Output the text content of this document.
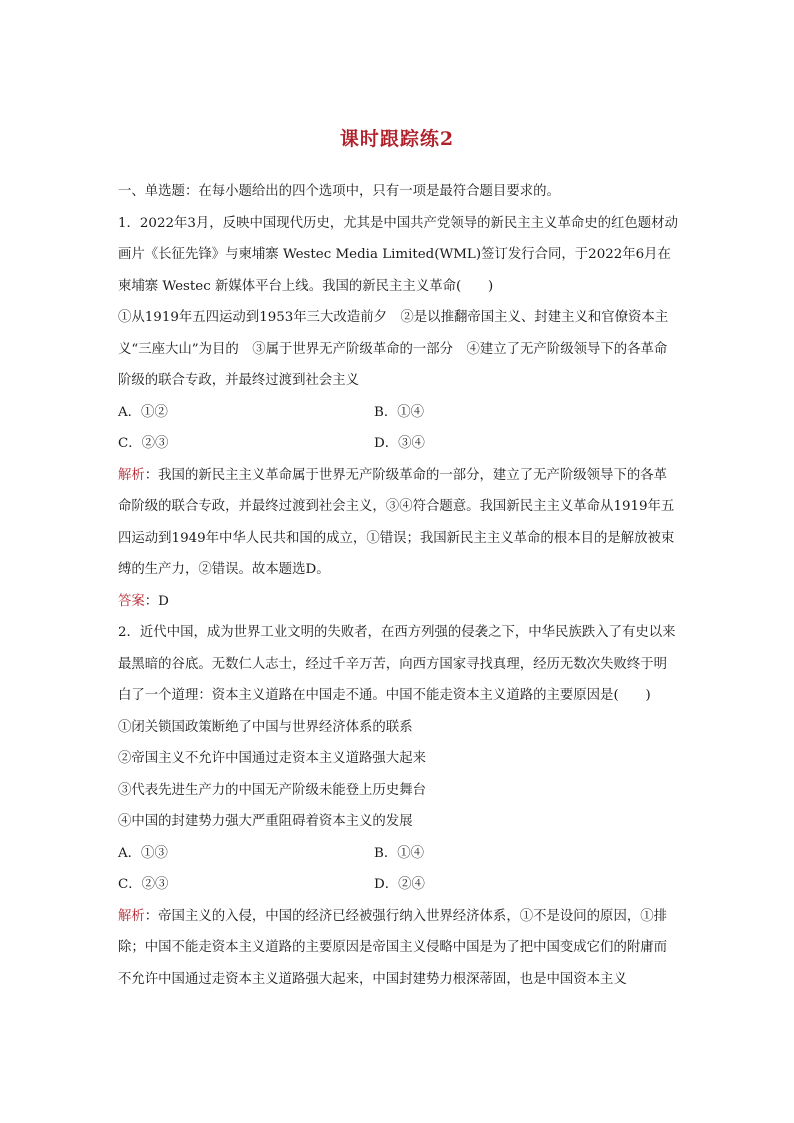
课时跟踪练2

一、单选题：在每小题给出的四个选项中，只有一项是最符合题目要求的。

1．2022年3月，反映中国现代历史，尤其是中国共产党领导的新民主主义革命史的红色题材动画片《长征先锋》与柬埔寨 Westec Media Limited(WML)签订发行合同，于2022年6月在柬埔寨 Westec 新媒体平台上线。我国的新民主主义革命(　　)

①从1919年五四运动到1953年三大改造前夕　②是以推翻帝国主义、封建主义和官僚资本主义“三座大山”为目的　③属于世界无产阶级革命的一部分　④建立了无产阶级领导下的各革命阶级的联合专政，并最终过渡到社会主义

A．①②	B．①④
C．②③	D．③④

解析：我国的新民主主义革命属于世界无产阶级革命的一部分，建立了无产阶级领导下的各革命阶级的联合专政，并最终过渡到社会主义，③④符合题意。我国新民主主义革命从1919年五四运动到1949年中华人民共和国的成立，①错误；我国新民主主义革命的根本目的是解放被束缚的生产力，②错误。故本题选D。

答案：D

2．近代中国，成为世界工业文明的失败者，在西方列强的侵袭之下，中华民族跌入了有史以来最黑暗的谷底。无数仁人志士，经过千辛万苦，向西方国家寻找真理，经历无数次失败终于明白了一个道理：资本主义道路在中国走不通。中国不能走资本主义道路的主要原因是(　　)

①闭关锁国政策断绝了中国与世界经济体系的联系

②帝国主义不允许中国通过走资本主义道路强大起来

③代表先进生产力的中国无产阶级未能登上历史舞台

④中国的封建势力强大严重阻碍着资本主义的发展

A．①③	B．①④
C．②③	D．②④

解析：帝国主义的入侵，中国的经济已经被强行纳入世界经济体系，①不是设问的原因，①排除；中国不能走资本主义道路的主要原因是帝国主义侵略中国是为了把中国变成它们的附庸而不允许中国通过走资本主义道路强大起来，中国封建势力根深蒂固，也是中国资本主义
